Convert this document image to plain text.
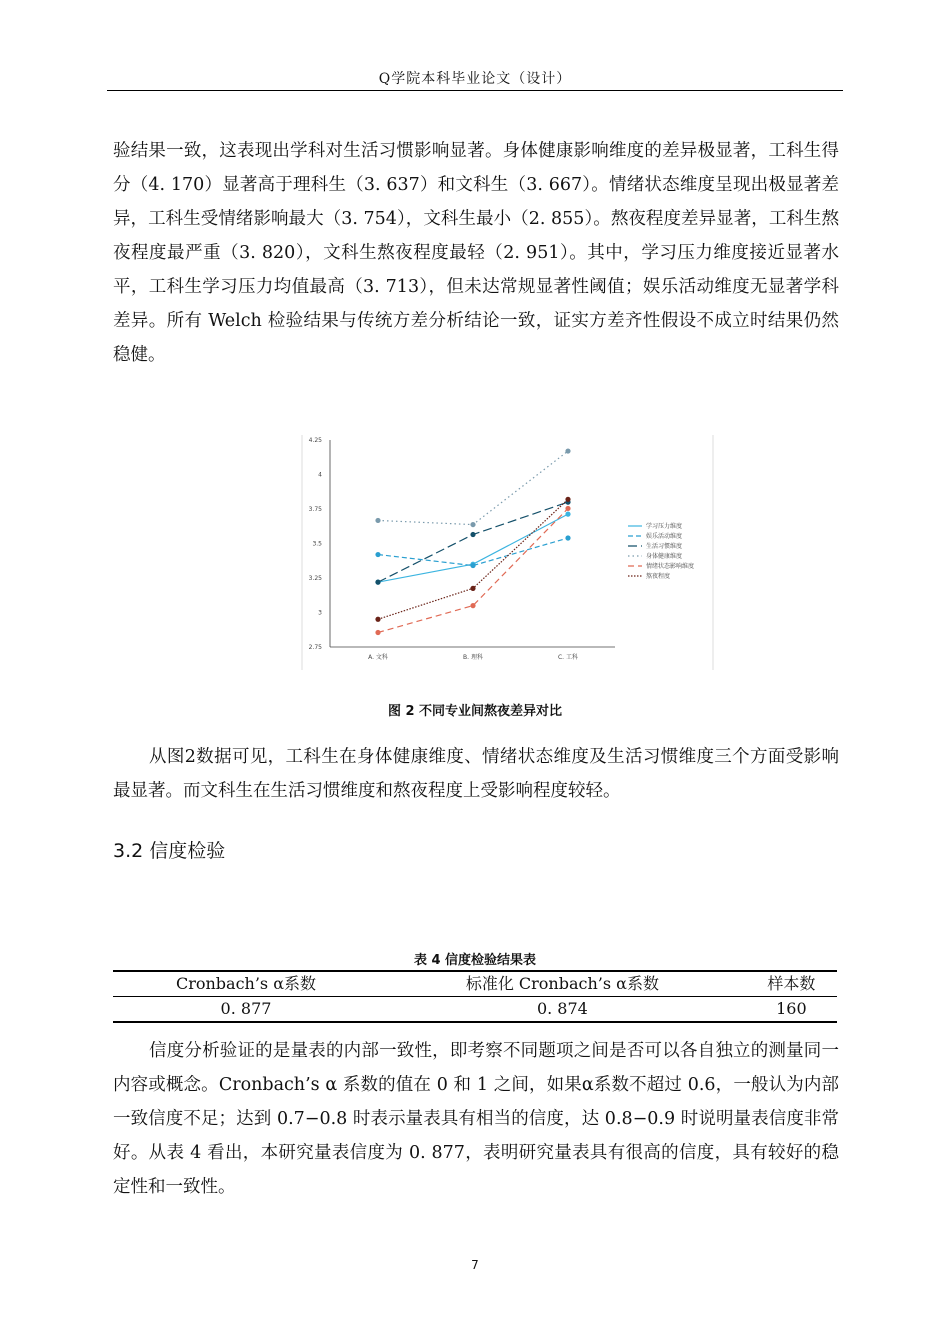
Q学院本科毕业论文（设计）
验结果一致，这表现出学科对生活习惯影响显著。身体健康影响维度的差异极显著，工科生得分（4. 170）显著高于理科生（3. 637）和文科生（3. 667）。情绪状态维度呈现出极显著差异，工科生受情绪影响最大（3. 754），文科生最小（2. 855）。熬夜程度差异显著，工科生熬夜程度最严重（3. 820），文科生熬夜程度最轻（2. 951）。其中，学习压力维度接近显著水平，工科生学习压力均值最高（3. 713），但未达常规显著性阈值；娱乐活动维度无显著学科差异。所有 Welch 检验结果与传统方差分析结论一致，证实方差齐性假设不成立时结果仍然稳健。
2.75
3
3.25
3.5
3.75
4
4.25
A. 文科	B. 理科	C. 工科
学习压力维度
娱乐活动维度
生活习惯维度
身体健康维度
情绪状态影响维度
熬夜程度
图 2 不同专业间熬夜差异对比
从图2数据可见，工科生在身体健康维度、情绪状态维度及生活习惯维度三个方面受影响最显著。而文科生在生活习惯维度和熬夜程度上受影响程度较轻。
3.2 信度检验
表 4 信度检验结果表
Cronbach’s α系数	标准化 Cronbach’s α系数	样本数
0. 877	0. 874	160
信度分析验证的是量表的内部一致性，即考察不同题项之间是否可以各自独立的测量同一内容或概念。Cronbach’s α 系数的值在 0 和 1 之间，如果α系数不超过 0.6，一般认为内部一致信度不足；达到 0.7−0.8 时表示量表具有相当的信度，达 0.8−0.9 时说明量表信度非常好。从表 4 看出，本研究量表信度为 0. 877，表明研究量表具有很高的信度，具有较好的稳定性和一致性。
7
